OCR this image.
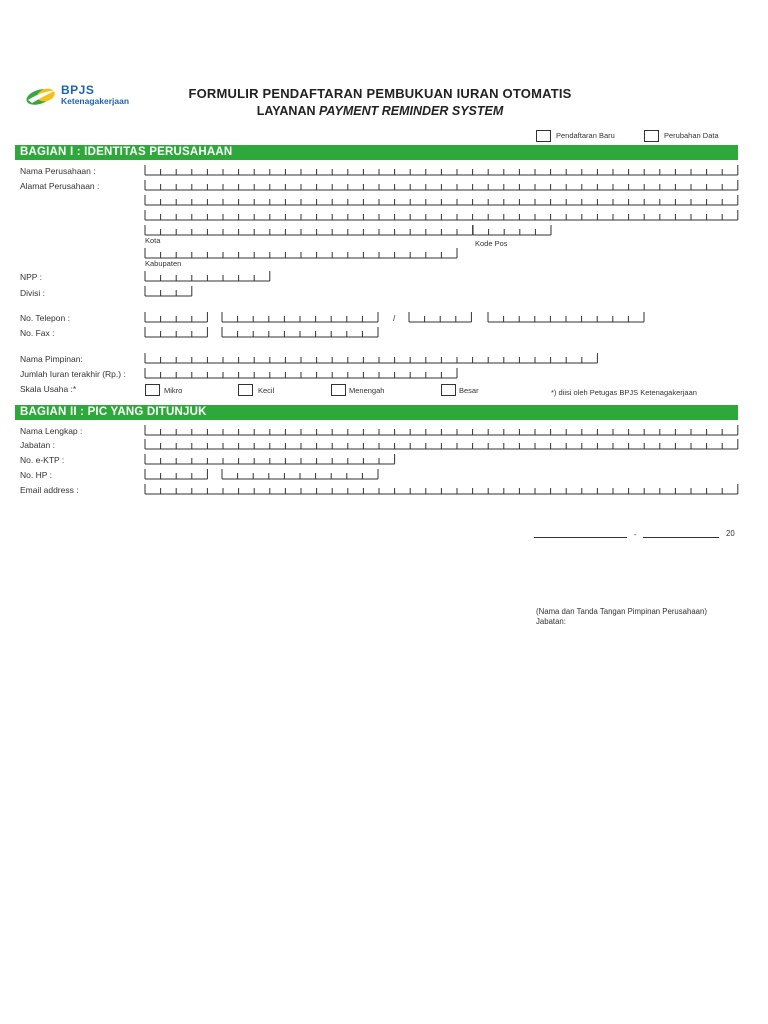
BPJS
Ketenagakerjaan	FORMULIR PENDAFTARAN PEMBUKUAN IURAN OTOMATIS
LAYANAN PAYMENT REMINDER SYSTEM
Pendaftaran Baru	Perubahan Data
BAGIAN I : IDENTITAS PERUSAHAAN
Nama Perusahaan :
Alamat Perusahaan :
Kota	Kode Pos
Kabupaten
NPP :
Divisi :
No. Telepon :	/
No. Fax :
Nama Pimpinan:
Jumlah Iuran terakhir (Rp.) :
Skala Usaha :*	Mikro	Kecil	Menengah	Besar	*) diisi oleh Petugas BPJS Ketenagakerjaan
BAGIAN II : PIC YANG DITUNJUK
Nama Lengkap :
Jabatan :
No. e-KTP :
No. HP :
Email address :
-	20
(Nama dan Tanda Tangan Pimpinan Perusahaan)
Jabatan:
